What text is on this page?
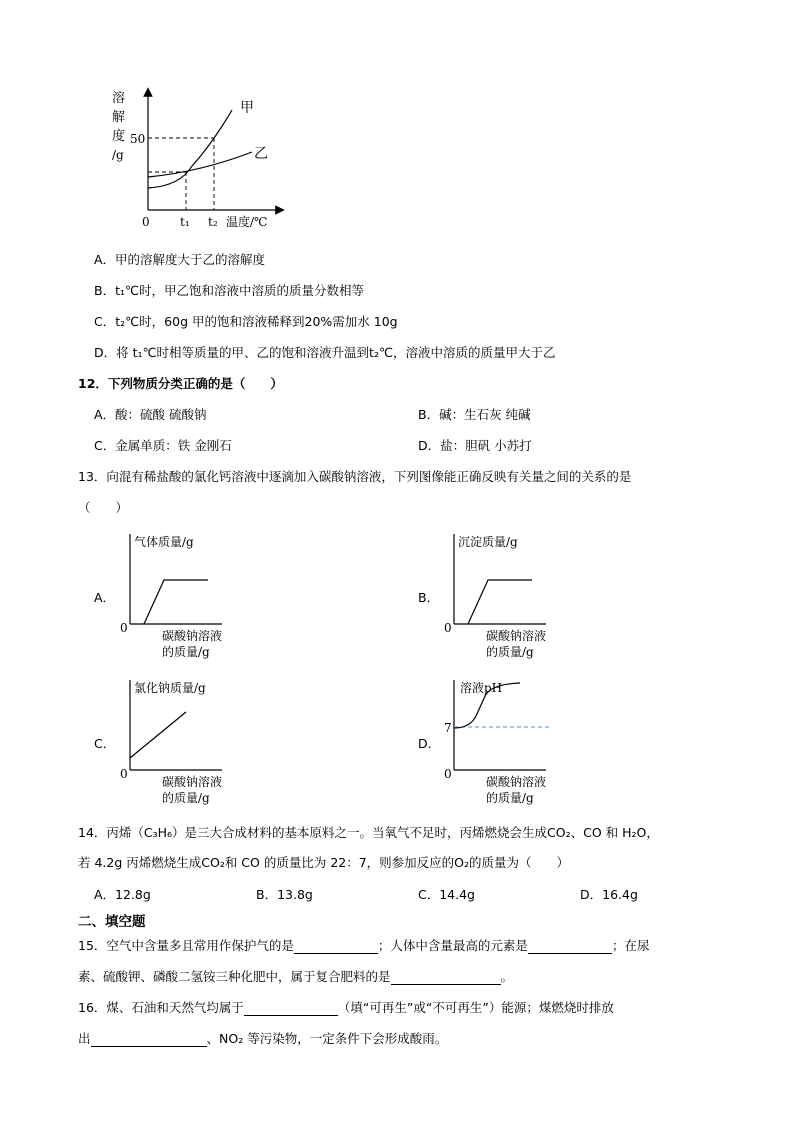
溶
解
度
/g
50
甲
乙
0	t₁ t₂ 温度/℃
A．甲的溶解度大于乙的溶解度
B．t₁℃时，甲乙饱和溶液中溶质的质量分数相等
C．t₂℃时，60g 甲的饱和溶液稀释到20%需加水 10g
D．将 t₁℃时相等质量的甲、乙的饱和溶液升温到t₂℃，溶液中溶质的质量甲大于乙
12．下列物质分类正确的是（　　）
A．酸：硫酸 硫酸钠	B．碱：生石灰 纯碱
C．金属单质：铁 金刚石	D．盐：胆矾 小苏打
13．向混有稀盐酸的氯化钙溶液中逐滴加入碳酸钠溶液，下列图像能正确反映有关量之间的关系的是
（　　）
A．
气体质量/g
0
碳酸钠溶液
的质量/g
B．
沉淀质量/g
0
碳酸钠溶液
的质量/g
C．
氯化钠质量/g
0
碳酸钠溶液
的质量/g
D．
溶液pH
7
0
碳酸钠溶液
的质量/g
14．丙烯（C₃H₆）是三大合成材料的基本原料之一。当氧气不足时，丙烯燃烧会生成CO₂、CO 和 H₂O，
若 4.2g 丙烯燃烧生成CO₂和 CO 的质量比为 22：7，则参加反应的O₂的质量为（　　）
A．12.8g	B．13.8g	C．14.4g	D．16.4g
二、填空题
15．空气中含量多且常用作保护气的是	；人体中含量最高的元素是	；在尿
素、硫酸钾、磷酸二氢铵三种化肥中，属于复合肥料的是	。
16．煤、石油和天然气均属于	（填“可再生”或“不可再生”）能源；煤燃烧时排放
出	、NO₂ 等污染物，一定条件下会形成酸雨。
